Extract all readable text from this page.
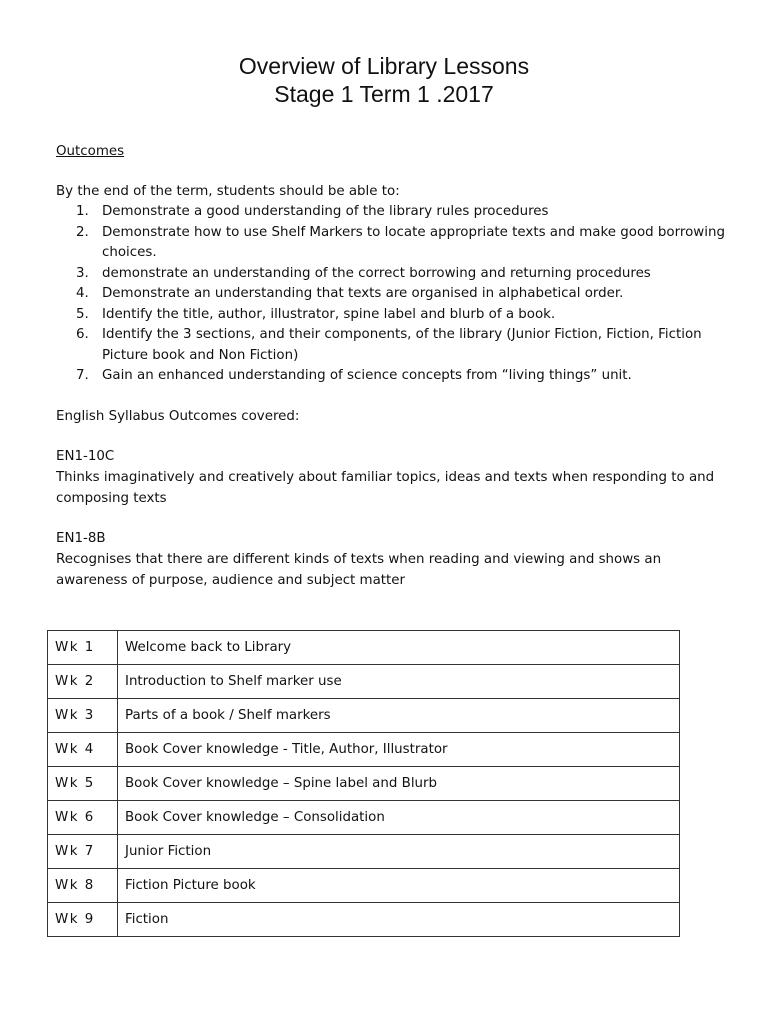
Overview of Library Lessons
Stage 1 Term 1 .2017
Outcomes
By the end of the term, students should be able to:
1. Demonstrate a good understanding of the library rules procedures
2. Demonstrate how to use Shelf Markers to locate appropriate texts and make good borrowing choices.
3. demonstrate an understanding of the correct borrowing and returning procedures
4. Demonstrate an understanding that texts are organised in alphabetical order.
5. Identify the title, author, illustrator, spine label and blurb of a book.
6. Identify the 3 sections, and their components, of the library (Junior Fiction, Fiction, Fiction Picture book and Non Fiction)
7. Gain an enhanced understanding of science concepts from “living things” unit.
English Syllabus Outcomes covered:
EN1-10C
Thinks imaginatively and creatively about familiar topics, ideas and texts when responding to and composing texts
EN1-8B
Recognises that there are different kinds of texts when reading and viewing and shows an awareness of purpose, audience and subject matter
Wk 1	Welcome back to Library
Wk 2	Introduction to Shelf marker use
Wk 3	Parts of a book / Shelf markers
Wk 4	Book Cover knowledge - Title, Author, Illustrator
Wk 5	Book Cover knowledge – Spine label and Blurb
Wk 6	Book Cover knowledge – Consolidation
Wk 7	Junior Fiction
Wk 8	Fiction Picture book
Wk 9	Fiction
